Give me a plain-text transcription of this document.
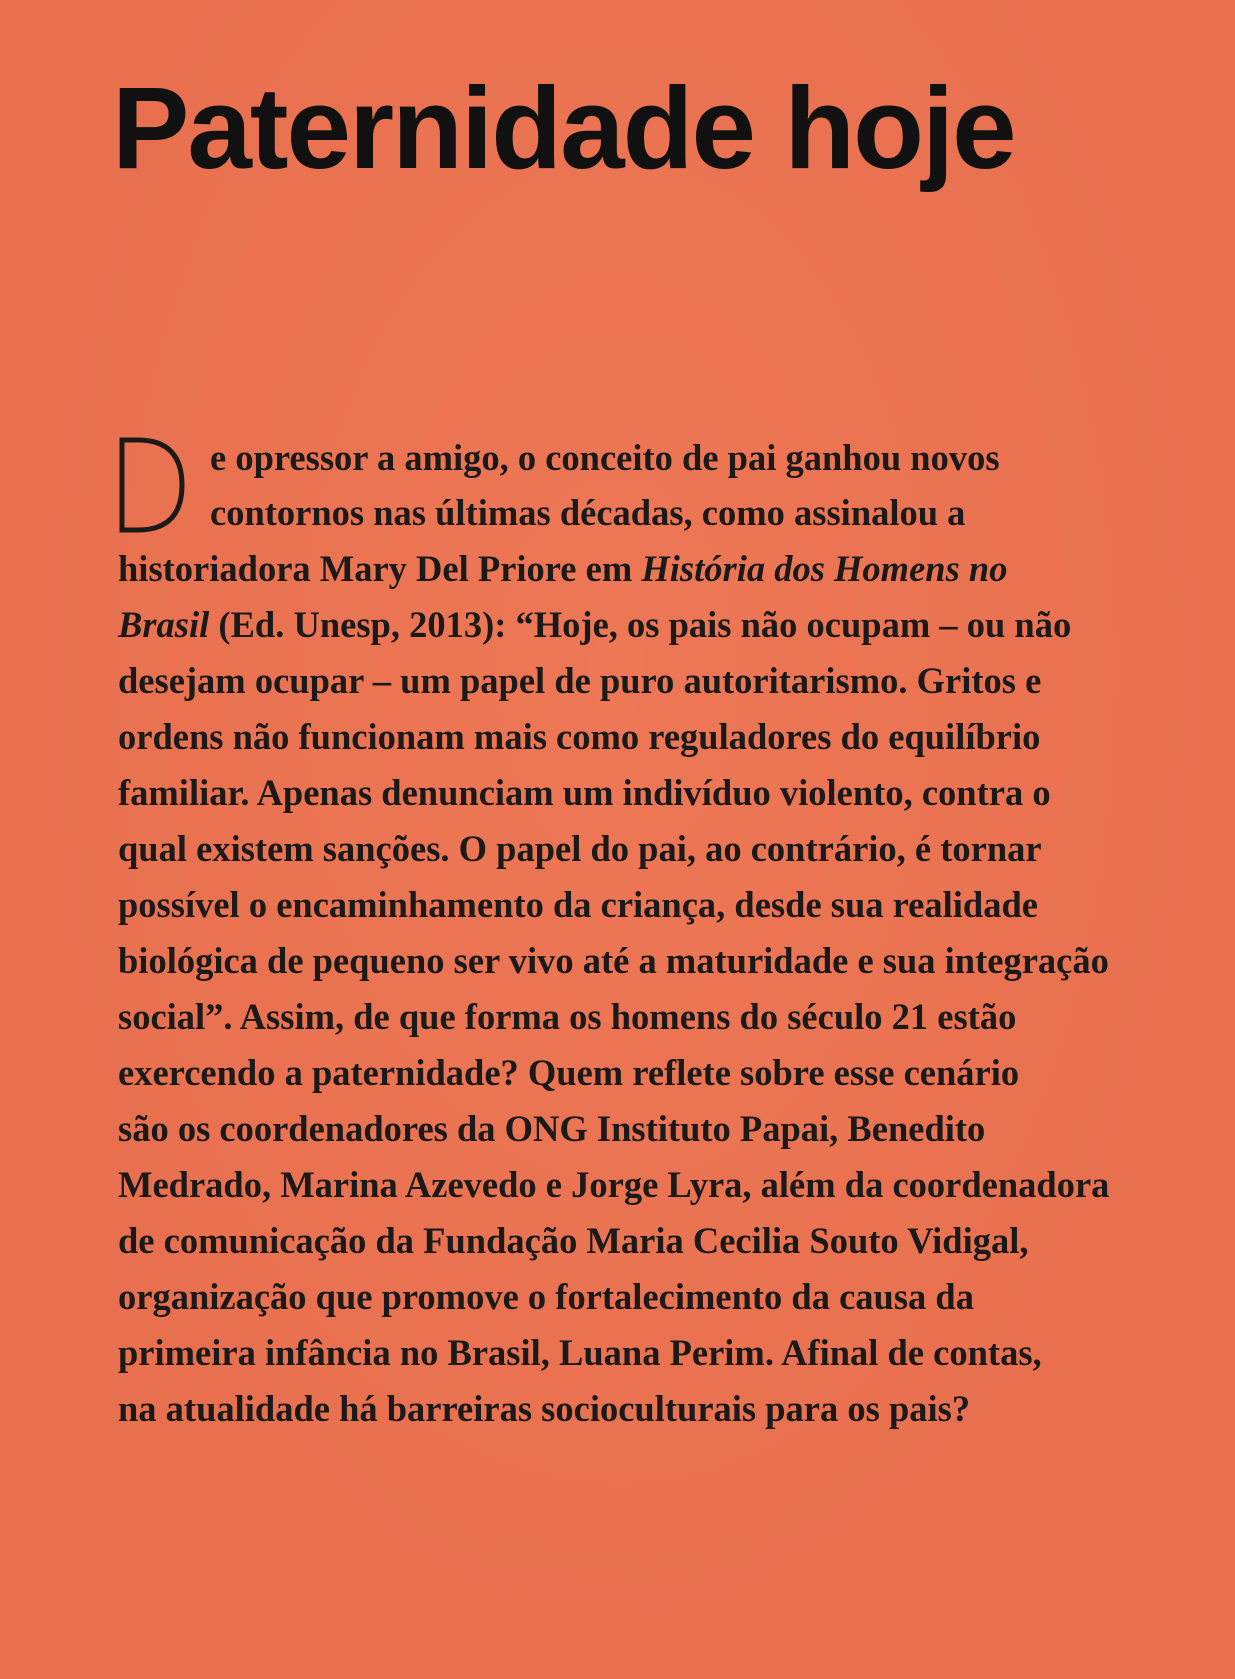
Paternidade hoje
D
e opressor a amigo, o conceito de pai ganhou novos
contornos nas últimas décadas, como assinalou a
historiadora Mary Del Priore em História dos Homens no
Brasil (Ed. Unesp, 2013): “Hoje, os pais não ocupam – ou não
desejam ocupar – um papel de puro autoritarismo. Gritos e
ordens não funcionam mais como reguladores do equilíbrio
familiar. Apenas denunciam um indivíduo violento, contra o
qual existem sanções. O papel do pai, ao contrário, é tornar
possível o encaminhamento da criança, desde sua realidade
biológica de pequeno ser vivo até a maturidade e sua integração
social”. Assim, de que forma os homens do século 21 estão
exercendo a paternidade? Quem reflete sobre esse cenário
são os coordenadores da ONG Instituto Papai, Benedito
Medrado, Marina Azevedo e Jorge Lyra, além da coordenadora
de comunicação da Fundação Maria Cecilia Souto Vidigal,
organização que promove o fortalecimento da causa da
primeira infância no Brasil, Luana Perim. Afinal de contas,
na atualidade há barreiras socioculturais para os pais?
